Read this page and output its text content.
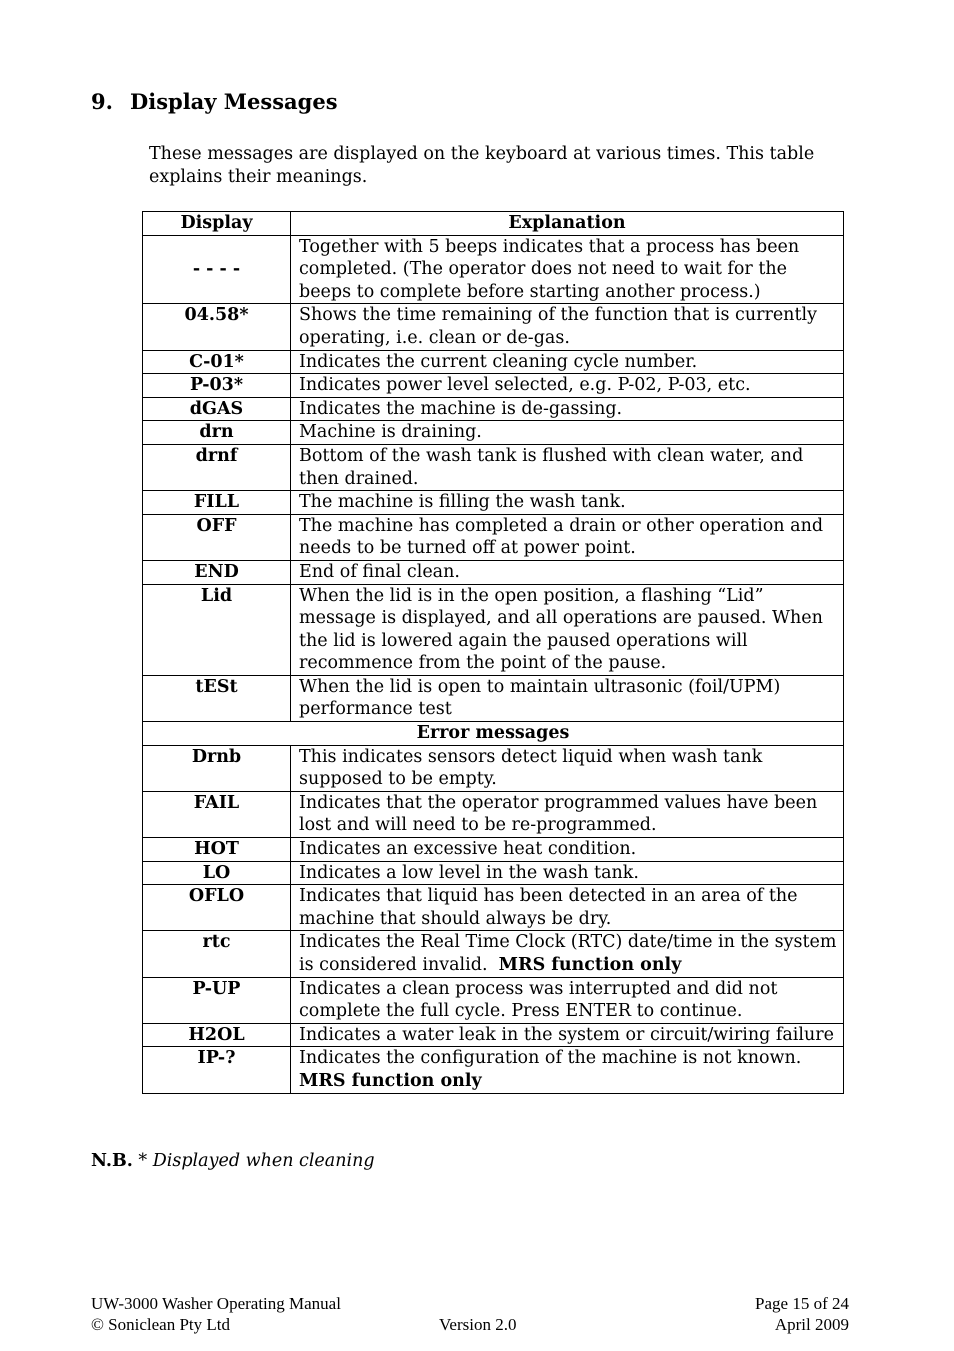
9. Display Messages

These messages are displayed on the keyboard at various times. This table explains their meanings.

Display	Explanation
- - - -	Together with 5 beeps indicates that a process has been completed. (The operator does not need to wait for the beeps to complete before starting another process.)
04.58*	Shows the time remaining of the function that is currently operating, i.e. clean or de-gas.
C-01*	Indicates the current cleaning cycle number.
P-03*	Indicates power level selected, e.g. P-02, P-03, etc.
dGAS	Indicates the machine is de-gassing.
drn	Machine is draining.
drnf	Bottom of the wash tank is flushed with clean water, and then drained.
FILL	The machine is filling the wash tank.
OFF	The machine has completed a drain or other operation and needs to be turned off at power point.
END	End of final clean.
Lid	When the lid is in the open position, a flashing “Lid” message is displayed, and all operations are paused. When the lid is lowered again the paused operations will recommence from the point of the pause.
tESt	When the lid is open to maintain ultrasonic (foil/UPM) performance test
Error messages	
Drnb	This indicates sensors detect liquid when wash tank supposed to be empty.
FAIL	Indicates that the operator programmed values have been lost and will need to be re-programmed.
HOT	Indicates an excessive heat condition.
LO	Indicates a low level in the wash tank.
OFLO	Indicates that liquid has been detected in an area of the machine that should always be dry.
rtc	Indicates the Real Time Clock (RTC) date/time in the system is considered invalid.  MRS function only
P-UP	Indicates a clean process was interrupted and did not complete the full cycle. Press ENTER to continue.
H2OL	Indicates a water leak in the system or circuit/wiring failure
IP-?	Indicates the configuration of the machine is not known.  MRS function only

N.B. * Displayed when cleaning

UW-3000 Washer Operating Manual	Page 15 of 24
© Soniclean Pty Ltd	Version 2.0	April 2009
